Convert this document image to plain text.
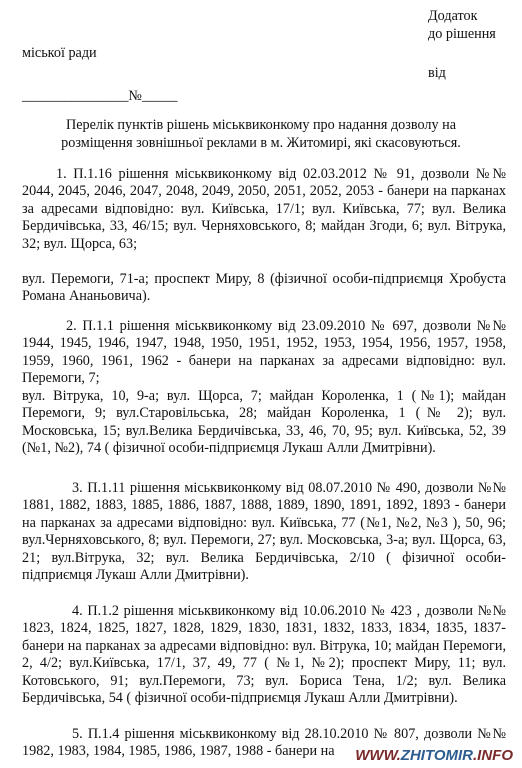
Додаток
до рішення
міської ради
від
_______________№_____
Перелік пунктів рішень міськвиконкому про надання дозволу на
розміщення зовнішньої реклами в м. Житомирі, які скасовуються.
1. П.1.16 рішення міськвиконкому від 02.03.2012 № 91, дозволи №№ 2044, 2045, 2046, 2047, 2048, 2049, 2050, 2051, 2052, 2053 - банери на парканах за адресами відповідно: вул. Київська, 17/1; вул. Київська, 77; вул. Велика Бердичівська, 33, 46/15; вул. Черняховського, 8; майдан Згоди, 6; вул. Вітрука, 32; вул. Щорса, 63;
вул. Перемоги, 71-а; проспект Миру, 8 (фізичної особи-підприємця Хробуста Романа Ананьовича).
2. П.1.1 рішення міськвиконкому від 23.09.2010 № 697, дозволи №№ 1944, 1945, 1946, 1947, 1948, 1950, 1951, 1952, 1953, 1954, 1956, 1957, 1958, 1959, 1960, 1961, 1962 - банери на парканах за адресами відповідно: вул. Перемоги, 7;
вул. Вітрука, 10, 9-а; вул. Щорса, 7; майдан Короленка, 1 (№1); майдан Перемоги, 9; вул.Старовільська, 28; майдан Короленка, 1 (№ 2); вул. Московська, 15; вул.Велика Бердичівська, 33, 46, 70, 95; вул. Київська, 52, 39 (№1, №2), 74 ( фізичної особи-підприємця Лукаш Алли Дмитрівни).
3. П.1.11 рішення міськвиконкому від 08.07.2010 № 490, дозволи №№ 1881, 1882, 1883, 1885, 1886, 1887, 1888, 1889, 1890, 1891, 1892, 1893 - банери на парканах за адресами відповідно: вул. Київська, 77 (№1, №2, №3 ), 50, 96; вул.Черняховського, 8; вул. Перемоги, 27; вул. Московська, 3-а; вул. Щорса, 63, 21; вул.Вітрука, 32; вул. Велика Бердичівська, 2/10 ( фізичної особи-підприємця Лукаш Алли Дмитрівни).
4. П.1.2 рішення міськвиконкому від 10.06.2010 № 423 , дозволи №№ 1823, 1824, 1825, 1827, 1828, 1829, 1830, 1831, 1832, 1833, 1834, 1835, 1837- банери на парканах за адресами відповідно: вул. Вітрука, 10; майдан Перемоги, 2, 4/2; вул.Київська, 17/1, 37, 49, 77 ( №1, №2); проспект Миру, 11; вул. Котовського, 91; вул.Перемоги, 73; вул. Бориса Тена, 1/2; вул. Велика Бердичівська, 54 ( фізичної особи-підприємця Лукаш Алли Дмитрівни).
5. П.1.4 рішення міськвиконкому від 28.10.2010 № 807, дозволи №№ 1982, 1983, 1984, 1985, 1986, 1987, 1988 - банери на	WWW.ZHITOMIR.INFO
